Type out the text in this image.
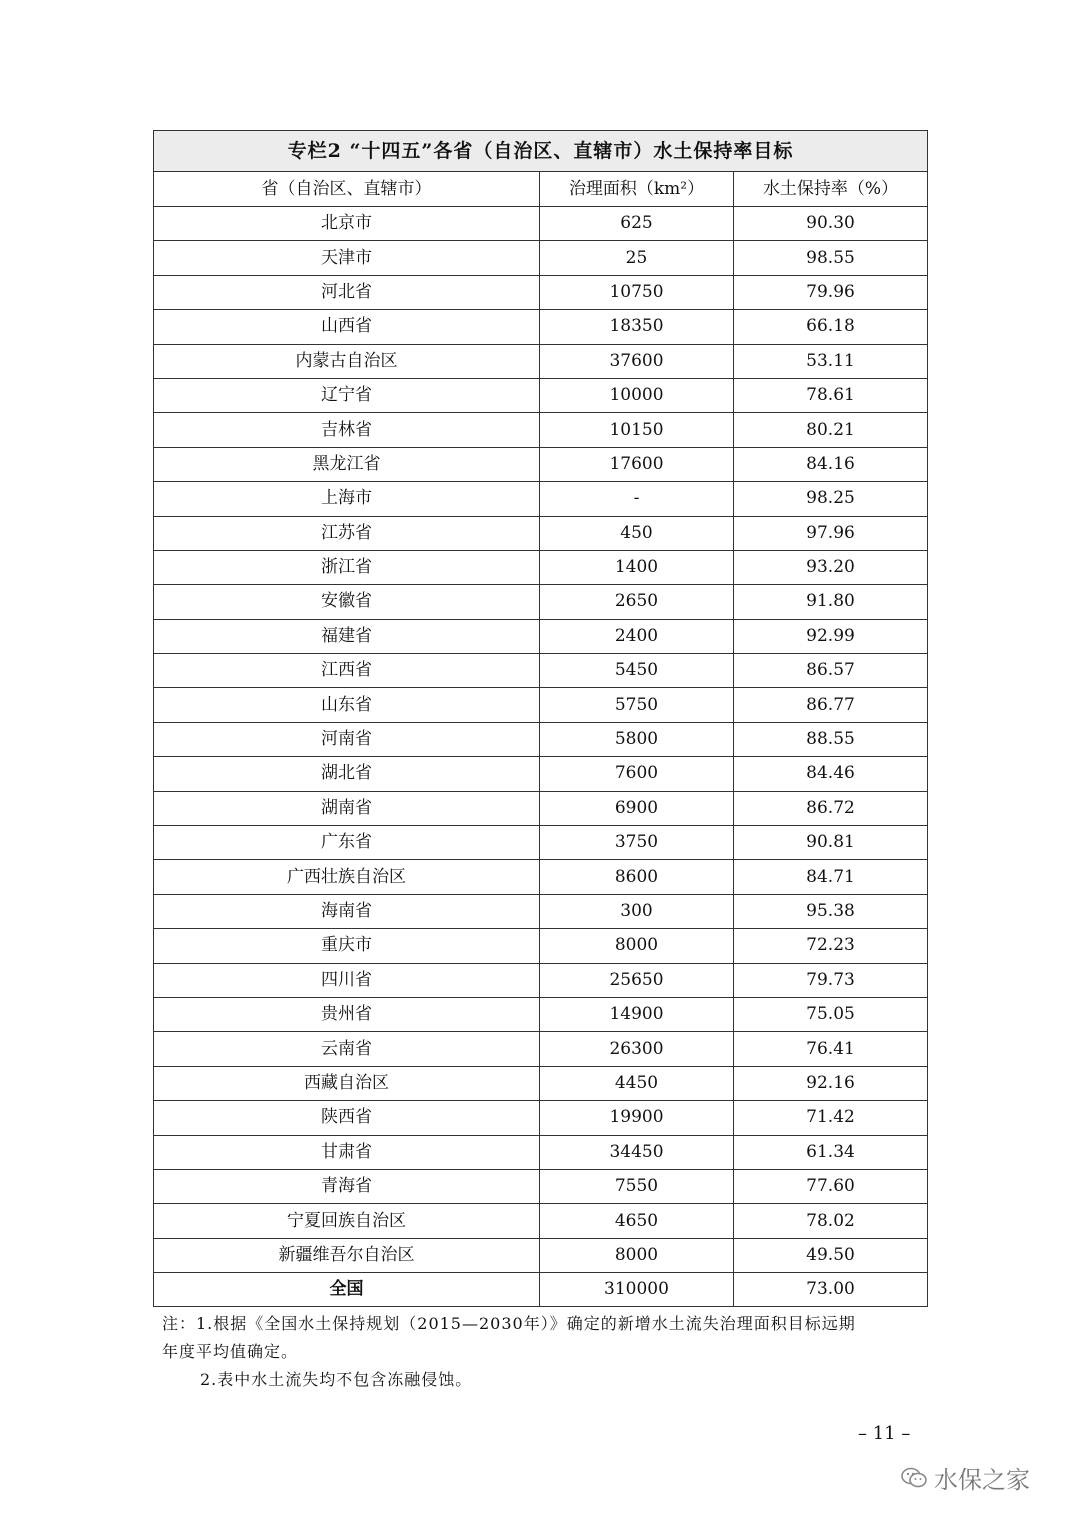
专栏2 “十四五”各省（自治区、直辖市）水土保持率目标		
省（自治区、直辖市）	治理面积（km²）	水土保持率（%）
北京市	625	90.30
天津市	25	98.55
河北省	10750	79.96
山西省	18350	66.18
内蒙古自治区	37600	53.11
辽宁省	10000	78.61
吉林省	10150	80.21
黑龙江省	17600	84.16
上海市	-	98.25
江苏省	450	97.96
浙江省	1400	93.20
安徽省	2650	91.80
福建省	2400	92.99
江西省	5450	86.57
山东省	5750	86.77
河南省	5800	88.55
湖北省	7600	84.46
湖南省	6900	86.72
广东省	3750	90.81
广西壮族自治区	8600	84.71
海南省	300	95.38
重庆市	8000	72.23
四川省	25650	79.73
贵州省	14900	75.05
云南省	26300	76.41
西藏自治区	4450	92.16
陕西省	19900	71.42
甘肃省	34450	61.34
青海省	7550	77.60
宁夏回族自治区	4650	78.02
新疆维吾尔自治区	8000	49.50
全国	310000	73.00
注：1.根据《全国水土保持规划（2015—2030年）》确定的新增水土流失治理面积目标远期
年度平均值确定。
2.表中水土流失均不包含冻融侵蚀。
– 11 –
水保之家
